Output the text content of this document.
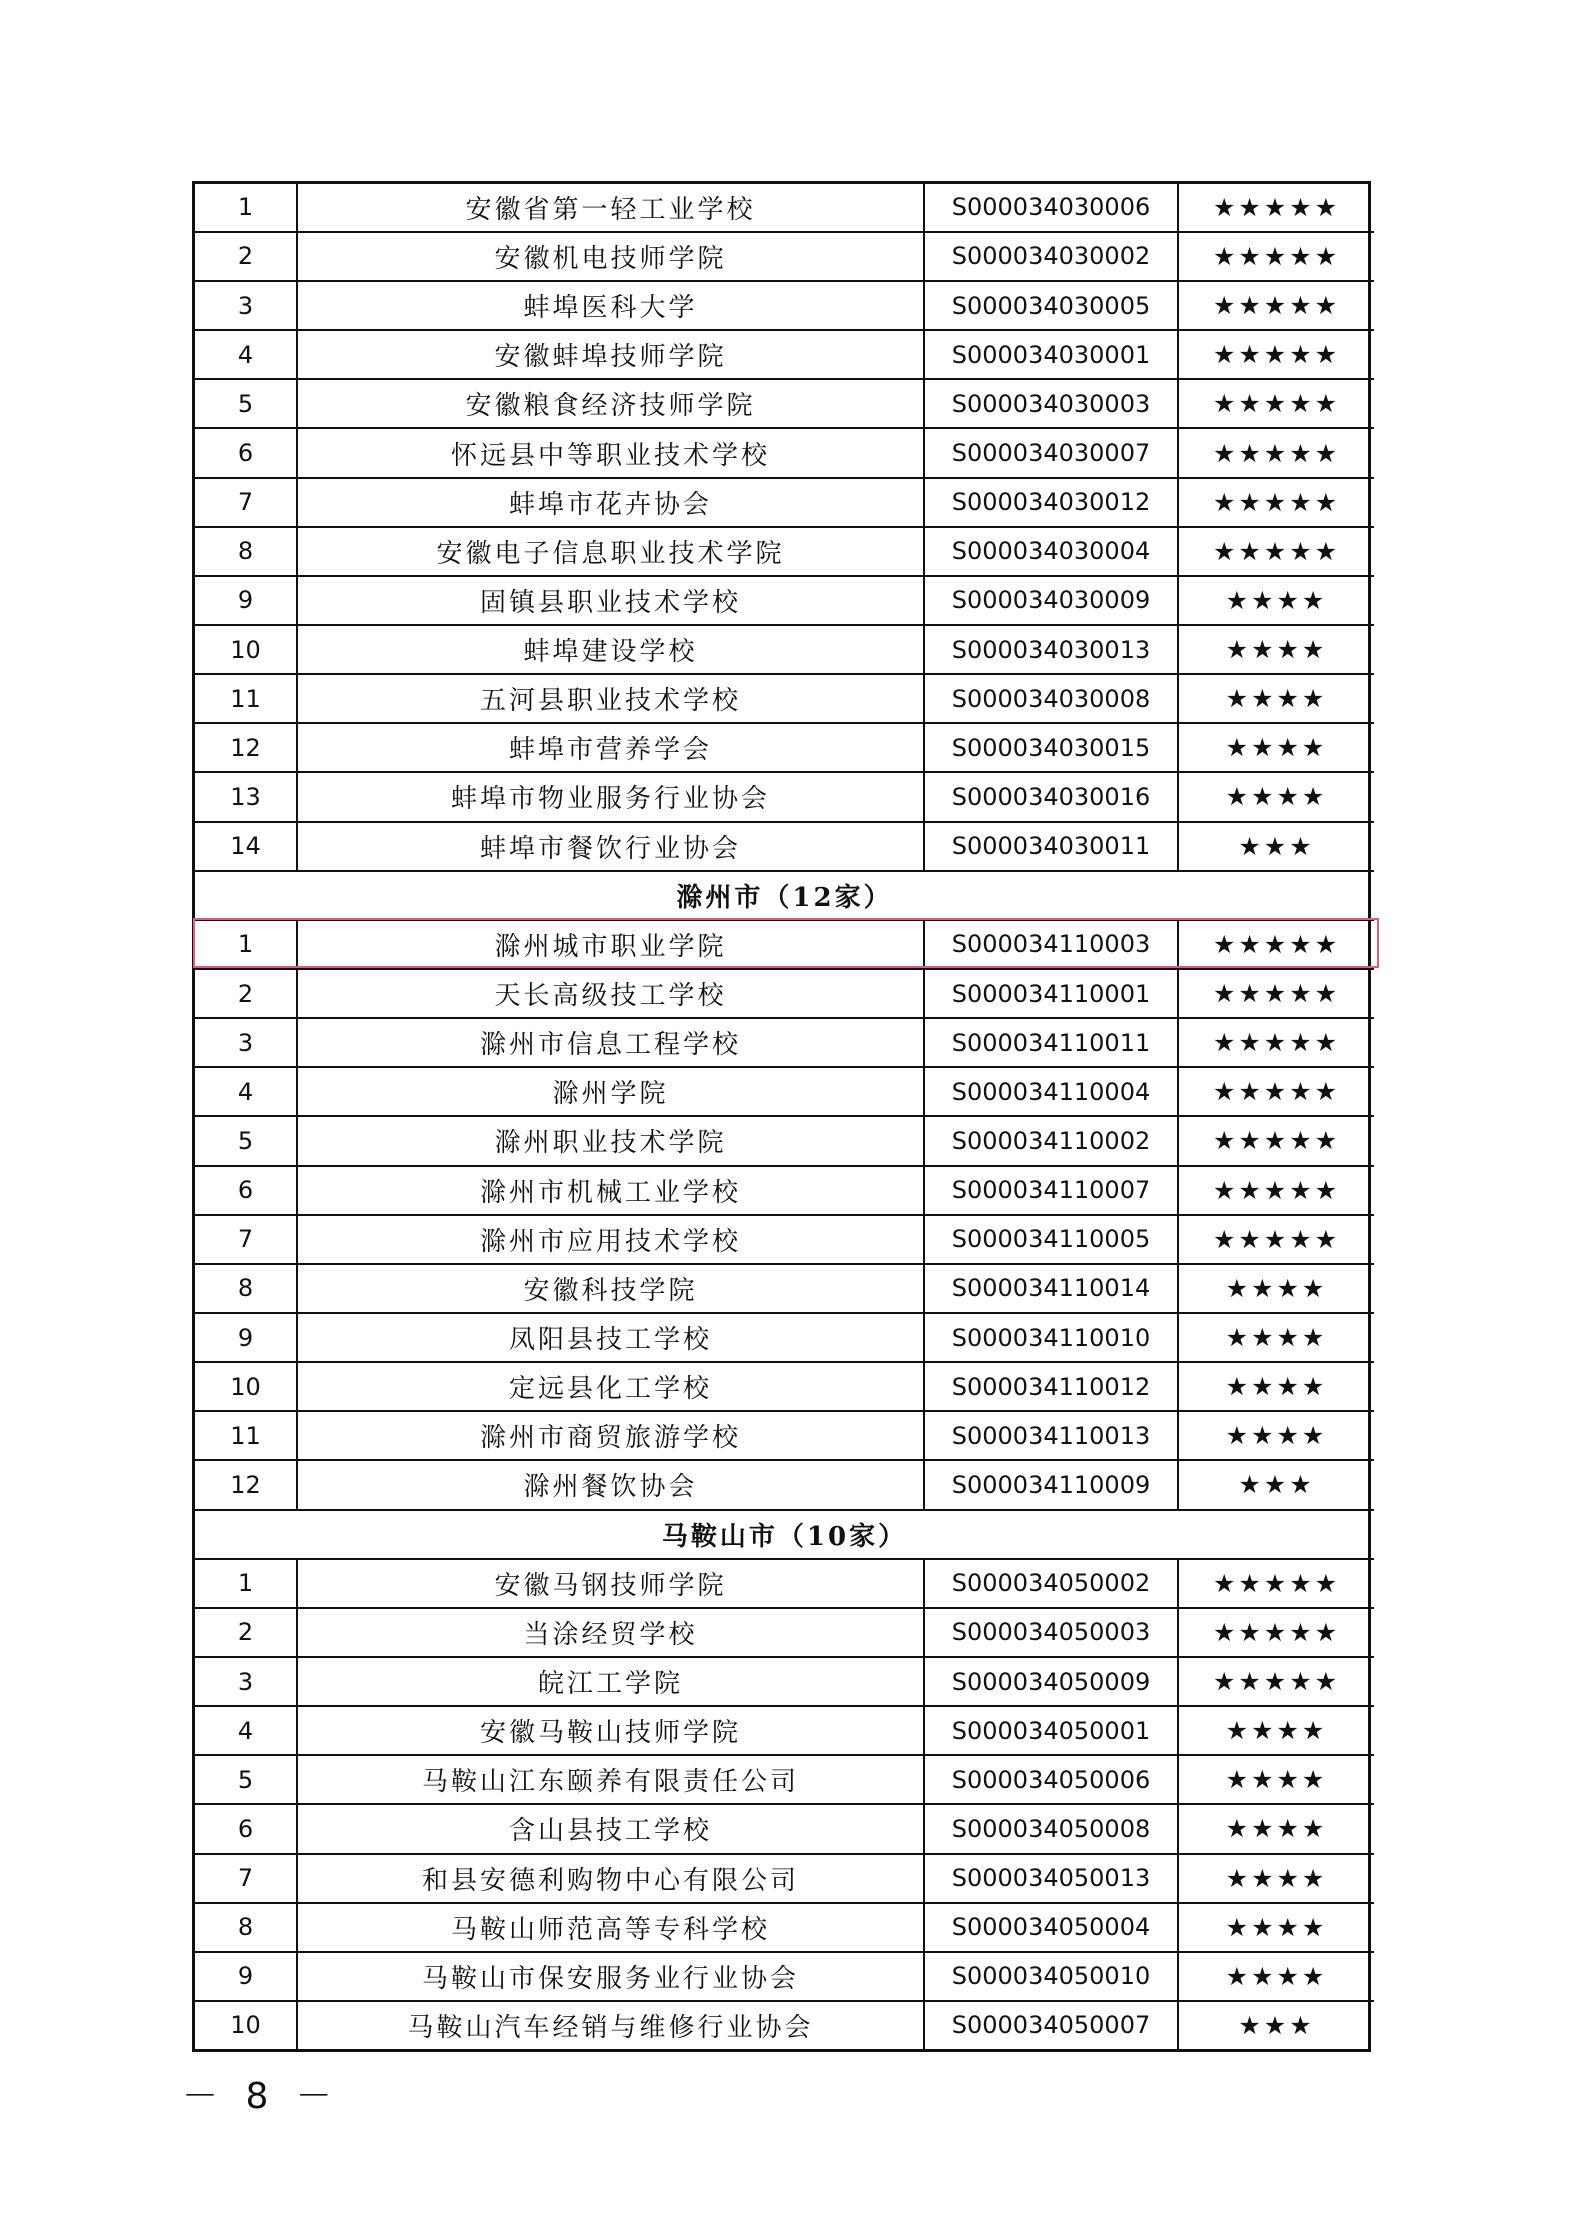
1	安徽省第一轻工业学校	S000034030006	★★★★★
2	安徽机电技师学院	S000034030002	★★★★★
3	蚌埠医科大学	S000034030005	★★★★★
4	安徽蚌埠技师学院	S000034030001	★★★★★
5	安徽粮食经济技师学院	S000034030003	★★★★★
6	怀远县中等职业技术学校	S000034030007	★★★★★
7	蚌埠市花卉协会	S000034030012	★★★★★
8	安徽电子信息职业技术学院	S000034030004	★★★★★
9	固镇县职业技术学校	S000034030009	★★★★
10	蚌埠建设学校	S000034030013	★★★★
11	五河县职业技术学校	S000034030008	★★★★
12	蚌埠市营养学会	S000034030015	★★★★
13	蚌埠市物业服务行业协会	S000034030016	★★★★
14	蚌埠市餐饮行业协会	S000034030011	★★★
滁州市（12家）			
1	滁州城市职业学院	S000034110003	★★★★★
2	天长高级技工学校	S000034110001	★★★★★
3	滁州市信息工程学校	S000034110011	★★★★★
4	滁州学院	S000034110004	★★★★★
5	滁州职业技术学院	S000034110002	★★★★★
6	滁州市机械工业学校	S000034110007	★★★★★
7	滁州市应用技术学校	S000034110005	★★★★★
8	安徽科技学院	S000034110014	★★★★
9	凤阳县技工学校	S000034110010	★★★★
10	定远县化工学校	S000034110012	★★★★
11	滁州市商贸旅游学校	S000034110013	★★★★
12	滁州餐饮协会	S000034110009	★★★
马鞍山市（10家）			
1	安徽马钢技师学院	S000034050002	★★★★★
2	当涂经贸学校	S000034050003	★★★★★
3	皖江工学院	S000034050009	★★★★★
4	安徽马鞍山技师学院	S000034050001	★★★★
5	马鞍山江东颐养有限责任公司	S000034050006	★★★★
6	含山县技工学校	S000034050008	★★★★
7	和县安德利购物中心有限公司	S000034050013	★★★★
8	马鞍山师范高等专科学校	S000034050004	★★★★
9	马鞍山市保安服务业行业协会	S000034050010	★★★★
10	马鞍山汽车经销与维修行业协会	S000034050007	★★★
－ 8 －
